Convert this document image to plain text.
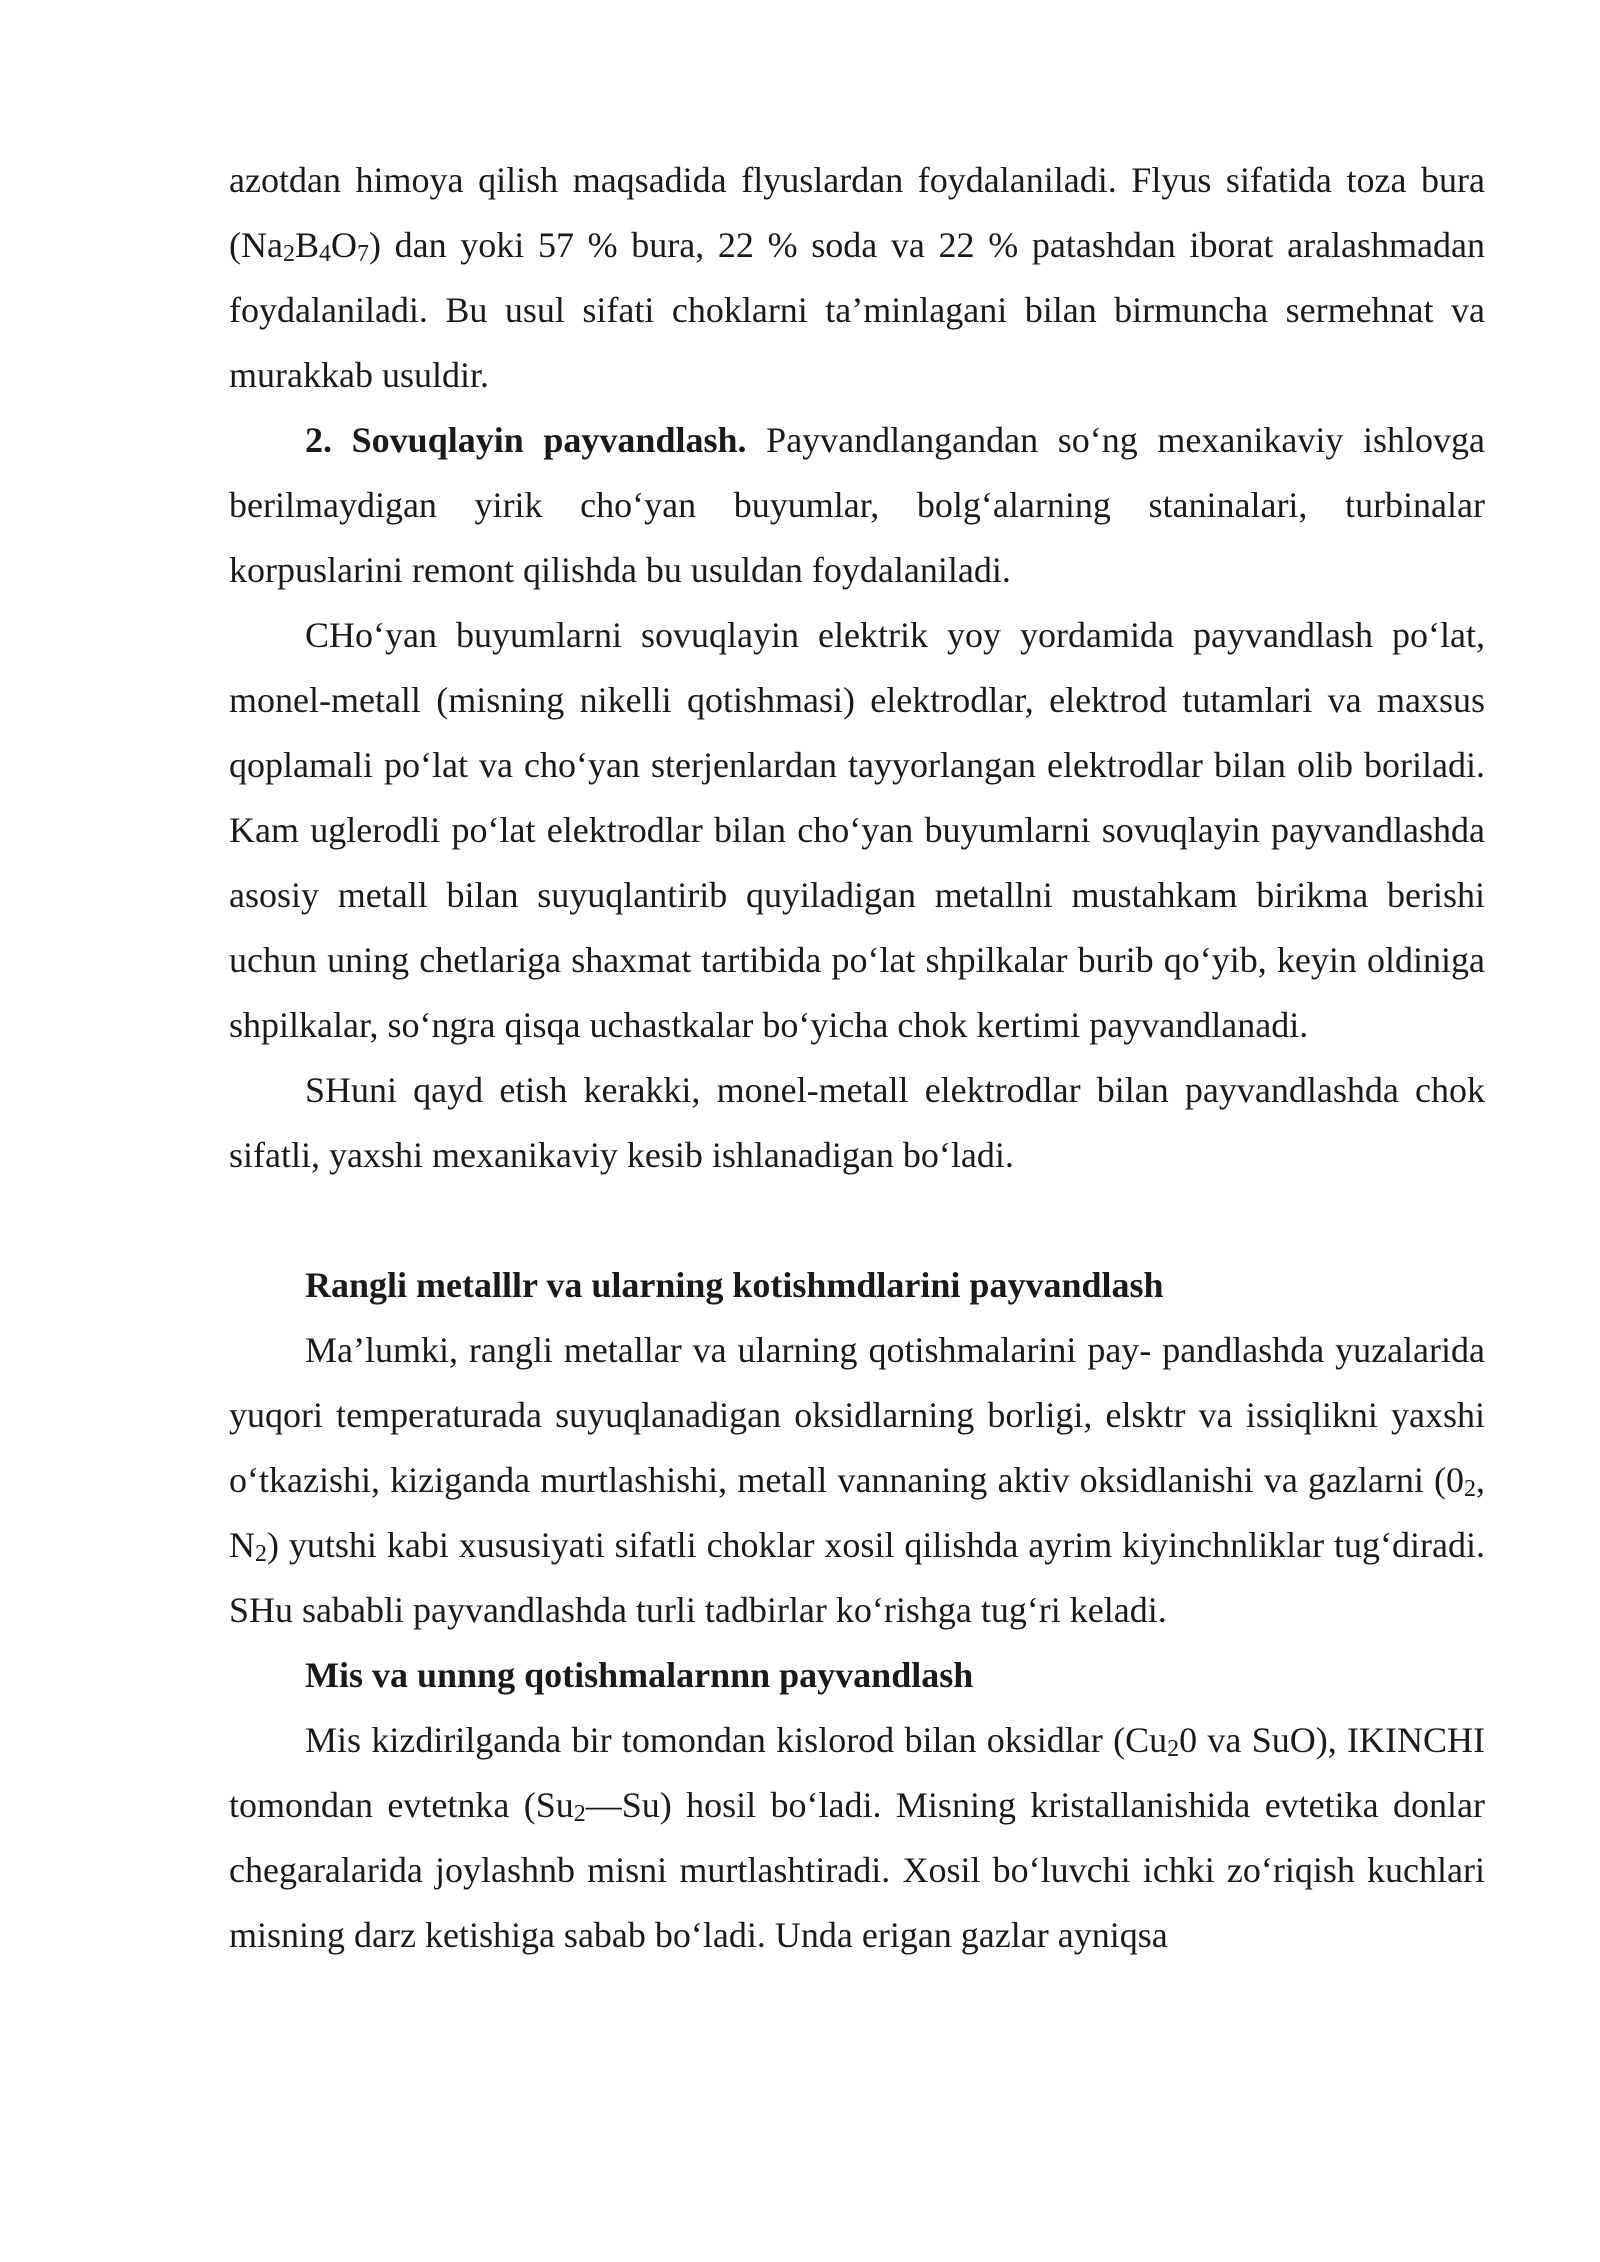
azotdan himoya qilish maqsadida flyuslardan foydalaniladi. Flyus sifatida toza bura $(Na_2B_4O_7)$ dan yoki 57 % bura, 22 % soda va 22 % patashdan iborat aralashmadan foydalaniladi. Bu usul sifati choklarni ta’minlagani bilan birmuncha sermehnat va murakkab usuldir.

2. Sovuqlayin payvandlash. Payvandlangandan so‘ng mexanikaviy ishlovga berilmaydigan yirik cho‘yan buyumlar, bolg‘alarning staninalari, turbinalar korpuslarini remont qilishda bu usuldan foydalaniladi.

CHo‘yan buyumlarni sovuqlayin elektrik yoy yordamida payvandlash po‘lat, monel-metall (misning nikelli qotishmasi) elektrodlar, elektrod tutamlari va maxsus qoplamali po‘lat va cho‘yan sterjenlardan tayyorlangan elektrodlar bilan olib boriladi. Kam uglerodli po‘lat elektrodlar bilan cho‘yan buyumlarni sovuqlayin payvandlashda asosiy metall bilan suyuqlantirib quyiladigan metallni mustahkam birikma berishi uchun uning chetlariga shaxmat tartibida po‘lat shpilkalar burib qo‘yib, keyin oldiniga shpilkalar, so‘ngra qisqa uchastkalar bo‘yicha chok kertimi payvandlanadi.

SHuni qayd etish kerakki, monel-metall elektrodlar bilan payvandlashda chok sifatli, yaxshi mexanikaviy kesib ishlanadigan bo‘ladi.

Rangli metalllr va ularning kotishmdlarini payvandlash

Ma’lumki, rangli metallar va ularning qotishmalarini pay- pandlashda yuzalarida yuqori temperaturada suyuqlanadigan oksidlarning borligi, elsktr va issiqlikni yaxshi o‘tkazishi, kiziganda murtlashishi, metall vannaning aktiv oksidlanishi va gazlarni ($0_2$, $N_2$) yutshi kabi xususiyati sifatli choklar xosil qilishda ayrim kiyinchnliklar tug‘diradi. SHu sababli payvandlashda turli tadbirlar ko‘rishga tug‘ri keladi.

Mis va unnng qotishmalarnnn payvandlash

Mis kizdirilganda bir tomondan kislorod bilan oksidlar ($Cu_20$ va SuO), IKINCHI tomondan evtetnka $(Su_2—Su)$ hosil bo‘ladi. Misning kristallanishida evtetika donlar chegaralarida joylashnb misni murtlashtiradi. Xosil bo‘luvchi ichki zo‘riqish kuchlari misning darz ketishiga sabab bo‘ladi. Unda erigan gazlar ayniqsa
